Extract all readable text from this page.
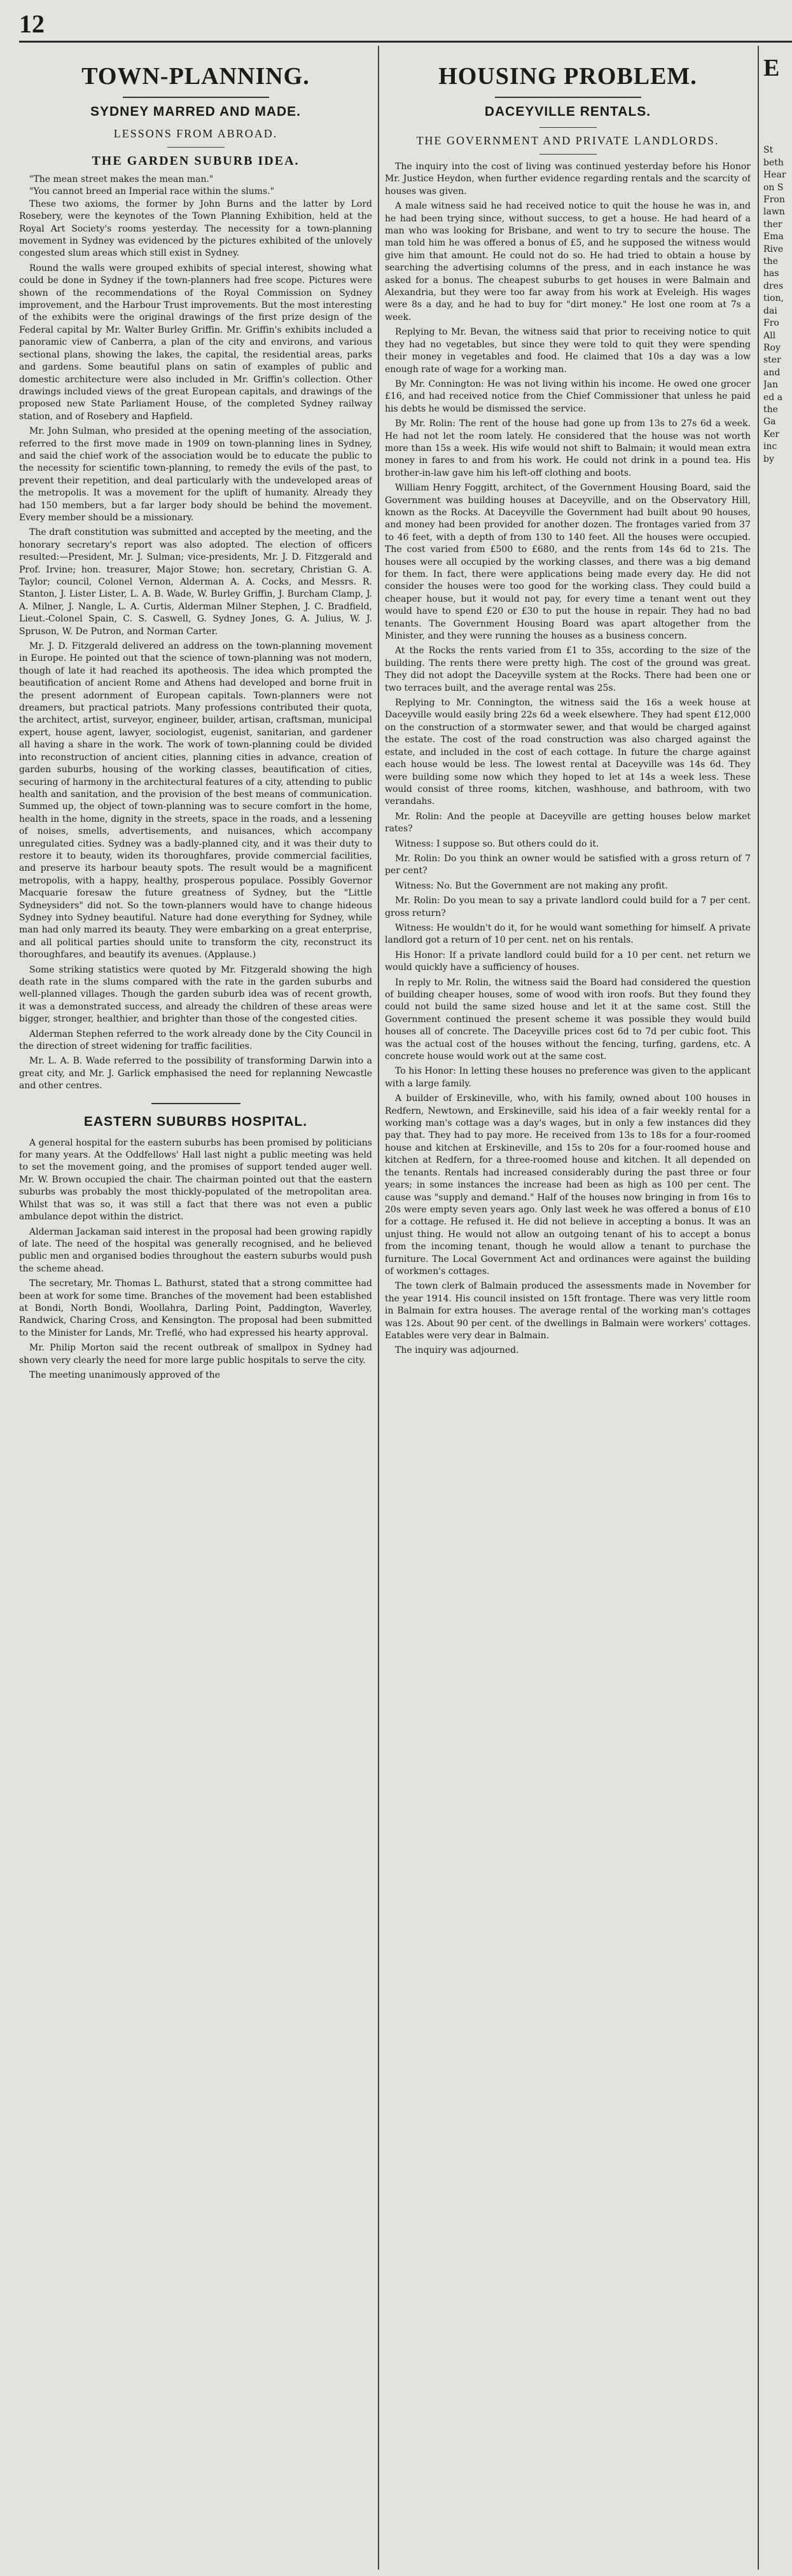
12
TOWN-PLANNING.
SYDNEY MARRED AND MADE.
LESSONS FROM ABROAD.
THE GARDEN SUBURB IDEA.

"The mean street makes the mean man."

"You cannot breed an Imperial race within the slums."

These two axioms, the former by John Burns and the latter by Lord Rosebery, were the keynotes of the Town Planning Exhibition, held at the Royal Art Society's rooms yesterday. The necessity for a town-planning movement in Sydney was evidenced by the pictures exhibited of the unlovely congested slum areas which still exist in Sydney.

Round the walls were grouped exhibits of special interest, showing what could be done in Sydney if the town-planners had free scope. Pictures were shown of the recommendations of the Royal Commission on Sydney improvement, and the Harbour Trust improvements. But the most interesting of the exhibits were the original drawings of the first prize design of the Federal capital by Mr. Walter Burley Griffin. Mr. Griffin's exhibits included a panoramic view of Canberra, a plan of the city and environs, and various sectional plans, showing the lakes, the capital, the residential areas, parks and gardens. Some beautiful plans on satin of examples of public and domestic architecture were also included in Mr. Griffin's collection. Other drawings included views of the great European capitals, and drawings of the proposed new State Parliament House, of the completed Sydney railway station, and of Rosebery and Hapfield.

Mr. John Sulman, who presided at the opening meeting of the association, referred to the first move made in 1909 on town-planning lines in Sydney, and said the chief work of the association would be to educate the public to the necessity for scientific town-planning, to remedy the evils of the past, to prevent their repetition, and deal particularly with the undeveloped areas of the metropolis. It was a movement for the uplift of humanity. Already they had 150 members, but a far larger body should be behind the movement. Every member should be a missionary.

The draft constitution was submitted and accepted by the meeting, and the honorary secretary's report was also adopted. The election of officers resulted:—President, Mr. J. Sulman; vice-presidents, Mr. J. D. Fitzgerald and Prof. Irvine; hon. treasurer, Major Stowe; hon. secretary, Christian G. A. Taylor; council, Colonel Vernon, Alderman A. A. Cocks, and Messrs. R. Stanton, J. Lister Lister, L. A. B. Wade, W. Burley Griffin, J. Burcham Clamp, J. A. Milner, J. Nangle, L. A. Curtis, Alderman Milner Stephen, J. C. Bradfield, Lieut.-Colonel Spain, C. S. Caswell, G. Sydney Jones, G. A. Julius, W. J. Spruson, W. De Putron, and Norman Carter.

Mr. J. D. Fitzgerald delivered an address on the town-planning movement in Europe. He pointed out that the science of town-planning was not modern, though of late it had reached its apotheosis. The idea which prompted the beautification of ancient Rome and Athens had developed and borne fruit in the present adornment of European capitals. Town-planners were not dreamers, but practical patriots. Many professions contributed their quota, the architect, artist, surveyor, engineer, builder, artisan, craftsman, municipal expert, house agent, lawyer, sociologist, eugenist, sanitarian, and gardener all having a share in the work. The work of town-planning could be divided into reconstruction of ancient cities, planning cities in advance, creation of garden suburbs, housing of the working classes, beautification of cities, securing of harmony in the architectural features of a city, attending to public health and sanitation, and the provision of the best means of communication. Summed up, the object of town-planning was to secure comfort in the home, health in the home, dignity in the streets, space in the roads, and a lessening of noises, smells, advertisements, and nuisances, which accompany unregulated cities. Sydney was a badly-planned city, and it was their duty to restore it to beauty, widen its thoroughfares, provide commercial facilities, and preserve its harbour beauty spots. The result would be a magnificent metropolis, with a happy, healthy, prosperous populace. Possibly Governor Macquarie foresaw the future greatness of Sydney, but the "Little Sydneysiders" did not. So the town-planners would have to change hideous Sydney into Sydney beautiful. Nature had done everything for Sydney, while man had only marred its beauty. They were embarking on a great enterprise, and all political parties should unite to transform the city, reconstruct its thoroughfares, and beautify its avenues. (Applause.)

Some striking statistics were quoted by Mr. Fitzgerald showing the high death rate in the slums compared with the rate in the garden suburbs and well-planned villages. Though the garden suburb idea was of recent growth, it was a demonstrated success, and already the children of these areas were bigger, stronger, healthier, and brighter than those of the congested cities.

Alderman Stephen referred to the work already done by the City Council in the direction of street widening for traffic facilities.

Mr. L. A. B. Wade referred to the possibility of transforming Darwin into a great city, and Mr. J. Garlick emphasised the need for replanning Newcastle and other centres.

EASTERN SUBURBS HOSPITAL.

A general hospital for the eastern suburbs has been promised by politicians for many years. At the Oddfellows' Hall last night a public meeting was held to set the movement going, and the promises of support tended auger well. Mr. W. Brown occupied the chair. The chairman pointed out that the eastern suburbs was probably the most thickly-populated of the metropolitan area. Whilst that was so, it was still a fact that there was not even a public ambulance depot within the district.

Alderman Jackaman said interest in the proposal had been growing rapidly of late. The need of the hospital was generally recognised, and he believed public men and organised bodies throughout the eastern suburbs would push the scheme ahead.

The secretary, Mr. Thomas L. Bathurst, stated that a strong committee had been at work for some time. Branches of the movement had been established at Bondi, North Bondi, Woollahra, Darling Point, Paddington, Waverley, Randwick, Charing Cross, and Kensington. The proposal had been submitted to the Minister for Lands, Mr. Treflé, who had expressed his hearty approval.

Mr. Philip Morton said the recent outbreak of smallpox in Sydney had shown very clearly the need for more large public hospitals to serve the city.

The meeting unanimously approved of the

HOUSING PROBLEM.
DACEYVILLE RENTALS.
THE GOVERNMENT AND PRIVATE LANDLORDS.

The inquiry into the cost of living was continued yesterday before his Honor Mr. Justice Heydon, when further evidence regarding rentals and the scarcity of houses was given.

A male witness said he had received notice to quit the house he was in, and he had been trying since, without success, to get a house. He had heard of a man who was looking for Brisbane, and went to try to secure the house. The man told him he was offered a bonus of £5, and he supposed the witness would give him that amount. He could not do so. He had tried to obtain a house by searching the advertising columns of the press, and in each instance he was asked for a bonus. The cheapest suburbs to get houses in were Balmain and Alexandria, but they were too far away from his work at Eveleigh. His wages were 8s a day, and he had to buy for "dirt money." He lost one room at 7s a week.

Replying to Mr. Bevan, the witness said that prior to receiving notice to quit they had no vegetables, but since they were told to quit they were spending their money in vegetables and food. He claimed that 10s a day was a low enough rate of wage for a working man.

By Mr. Connington: He was not living within his income. He owed one grocer £16, and had received notice from the Chief Commissioner that unless he paid his debts he would be dismissed the service.

By Mr. Rolin: The rent of the house had gone up from 13s to 27s 6d a week. He had not let the room lately. He considered that the house was not worth more than 15s a week. His wife would not shift to Balmain; it would mean extra money in fares to and from his work. He could not drink in a pound tea. His brother-in-law gave him his left-off clothing and boots.

William Henry Foggitt, architect, of the Government Housing Board, said the Government was building houses at Daceyville, and on the Observatory Hill, known as the Rocks. At Daceyville the Government had built about 90 houses, and money had been provided for another dozen. The frontages varied from 37 to 46 feet, with a depth of from 130 to 140 feet. All the houses were occupied. The cost varied from £500 to £680, and the rents from 14s 6d to 21s. The houses were all occupied by the working classes, and there was a big demand for them. In fact, there were applications being made every day. He did not consider the houses were too good for the working class. They could build a cheaper house, but it would not pay, for every time a tenant went out they would have to spend £20 or £30 to put the house in repair. They had no bad tenants. The Government Housing Board was apart altogether from the Minister, and they were running the houses as a business concern.

At the Rocks the rents varied from £1 to 35s, according to the size of the building. The rents there were pretty high. The cost of the ground was great. They did not adopt the Daceyville system at the Rocks. There had been one or two terraces built, and the average rental was 25s.

Replying to Mr. Connington, the witness said the 16s a week house at Daceyville would easily bring 22s 6d a week elsewhere. They had spent £12,000 on the construction of a stormwater sewer, and that would be charged against the estate. The cost of the road construction was also charged against the estate, and included in the cost of each cottage. In future the charge against each house would be less. The lowest rental at Daceyville was 14s 6d. They were building some now which they hoped to let at 14s a week less. These would consist of three rooms, kitchen, washhouse, and bathroom, with two verandahs.

Mr. Rolin: And the people at Daceyville are getting houses below market rates?

Witness: I suppose so. But others could do it.

Mr. Rolin: Do you think an owner would be satisfied with a gross return of 7 per cent?

Witness: No. But the Government are not making any profit.

Mr. Rolin: Do you mean to say a private landlord could build for a 7 per cent. gross return?

Witness: He wouldn't do it, for he would want something for himself. A private landlord got a return of 10 per cent. net on his rentals.

His Honor: If a private landlord could build for a 10 per cent. net return we would quickly have a sufficiency of houses.

In reply to Mr. Rolin, the witness said the Board had considered the question of building cheaper houses, some of wood with iron roofs. But they found they could not build the same sized house and let it at the same cost. Still the Government continued the present scheme it was possible they would build houses all of concrete. The Daceyville prices cost 6d to 7d per cubic foot. This was the actual cost of the houses without the fencing, turfing, gardens, etc. A concrete house would work out at the same cost.

To his Honor: In letting these houses no preference was given to the applicant with a large family.

A builder of Erskineville, who, with his family, owned about 100 houses in Redfern, Newtown, and Erskineville, said his idea of a fair weekly rental for a working man's cottage was a day's wages, but in only a few instances did they pay that. They had to pay more. He received from 13s to 18s for a four-roomed house and kitchen at Erskineville, and 15s to 20s for a four-roomed house and kitchen at Redfern, for a three-roomed house and kitchen. It all depended on the tenants. Rentals had increased considerably during the past three or four years; in some instances the increase had been as high as 100 per cent. The cause was "supply and demand." Half of the houses now bringing in from 16s to 20s were empty seven years ago. Only last week he was offered a bonus of £10 for a cottage. He refused it. He did not believe in accepting a bonus. It was an unjust thing. He would not allow an outgoing tenant of his to accept a bonus from the incoming tenant, though he would allow a tenant to purchase the furniture. The Local Government Act and ordinances were against the building of workmen's cottages.

The town clerk of Balmain produced the assessments made in November for the year 1914. His council insisted on 15ft frontage. There was very little room in Balmain for extra houses. The average rental of the working man's cottages was 12s. About 90 per cent. of the dwellings in Balmain were workers' cottages. Eatables were very dear in Balmain.

The inquiry was adjourned.

E

St

beth

Hear

on S

Fron

lawn

ther

Ema

Rive

the

has

dres

tion,

dai

Fro

All

Roy

ster

and

Jan

ed a

the

Ga

Ker

inc

by
